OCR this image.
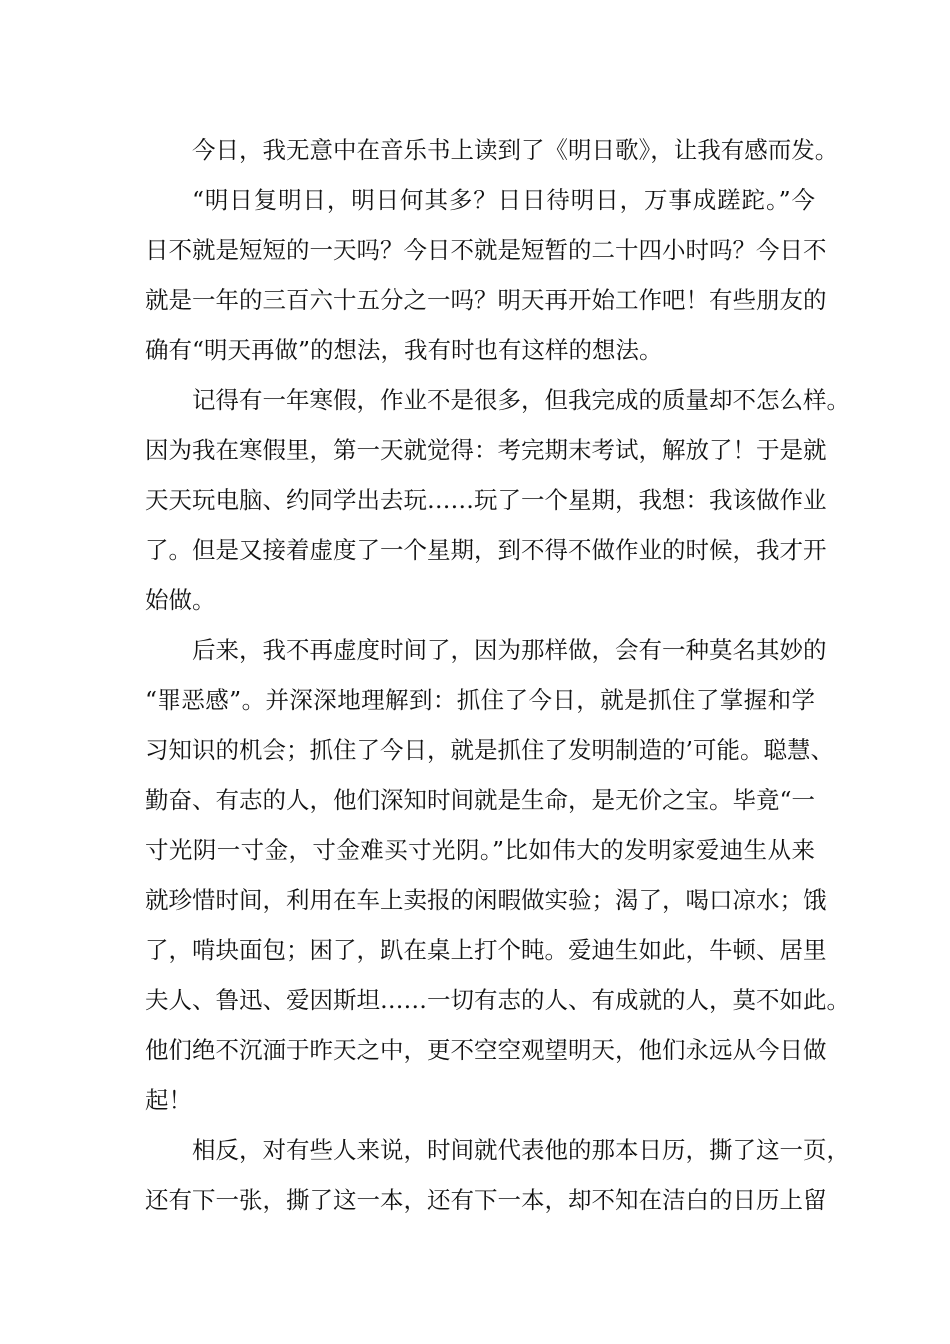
今日，我无意中在音乐书上读到了《明日歌》，让我有感而发。
“明日复明日，明日何其多？日日待明日，万事成蹉跎。”今
日不就是短短的一天吗？今日不就是短暂的二十四小时吗？今日不
就是一年的三百六十五分之一吗？明天再开始工作吧！有些朋友的
确有“明天再做”的想法，我有时也有这样的想法。
记得有一年寒假，作业不是很多，但我完成的质量却不怎么样。
因为我在寒假里，第一天就觉得：考完期末考试，解放了！于是就
天天玩电脑、约同学出去玩……玩了一个星期，我想：我该做作业
了。但是又接着虚度了一个星期，到不得不做作业的时候，我才开
始做。
后来，我不再虚度时间了，因为那样做，会有一种莫名其妙的
“罪恶感”。并深深地理解到：抓住了今日，就是抓住了掌握和学
习知识的机会；抓住了今日，就是抓住了发明制造的’可能。聪慧、
勤奋、有志的人，他们深知时间就是生命，是无价之宝。毕竟“一
寸光阴一寸金，寸金难买寸光阴。”比如伟大的发明家爱迪生从来
就珍惜时间，利用在车上卖报的闲暇做实验；渴了，喝口凉水；饿
了，啃块面包；困了，趴在桌上打个盹。爱迪生如此，牛顿、居里
夫人、鲁迅、爱因斯坦……一切有志的人、有成就的人，莫不如此。
他们绝不沉湎于昨天之中，更不空空观望明天，他们永远从今日做
起！
相反，对有些人来说，时间就代表他的那本日历，撕了这一页，
还有下一张，撕了这一本，还有下一本，却不知在洁白的日历上留
